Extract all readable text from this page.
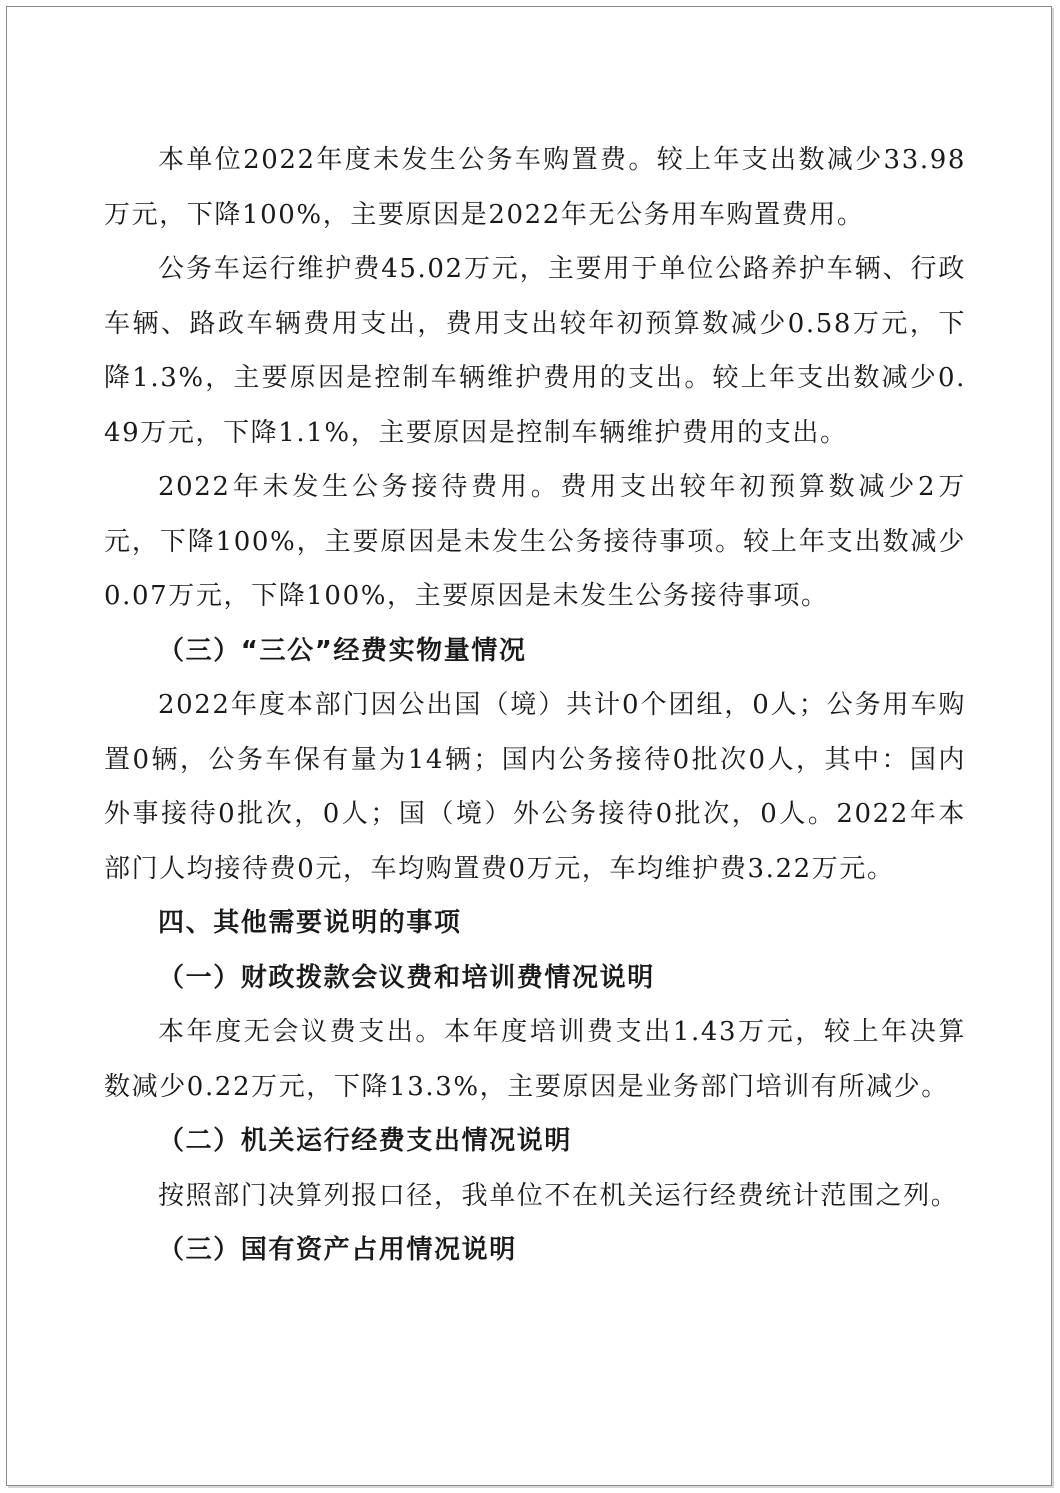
本单位2022年度未发生公务车购置费。较上年支出数减少33.98万元，下降100%，主要原因是2022年无公务用车购置费用。

公务车运行维护费45.02万元，主要用于单位公路养护车辆、行政车辆、路政车辆费用支出，费用支出较年初预算数减少0.58万元，下降1.3%，主要原因是控制车辆维护费用的支出。较上年支出数减少0.49万元，下降1.1%，主要原因是控制车辆维护费用的支出。

2022年未发生公务接待费用。费用支出较年初预算数减少2万元，下降100%，主要原因是未发生公务接待事项。较上年支出数减少0.07万元，下降100%，主要原因是未发生公务接待事项。

（三）“三公”经费实物量情况

2022年度本部门因公出国（境）共计0个团组，0人；公务用车购置0辆，公务车保有量为14辆；国内公务接待0批次0人，其中：国内外事接待0批次，0人；国（境）外公务接待0批次，0人。2022年本部门人均接待费0元，车均购置费0万元，车均维护费3.22万元。

四、其他需要说明的事项

（一）财政拨款会议费和培训费情况说明

本年度无会议费支出。本年度培训费支出1.43万元，较上年决算数减少0.22万元，下降13.3%，主要原因是业务部门培训有所减少。

（二）机关运行经费支出情况说明

按照部门决算列报口径，我单位不在机关运行经费统计范围之列。

（三）国有资产占用情况说明
